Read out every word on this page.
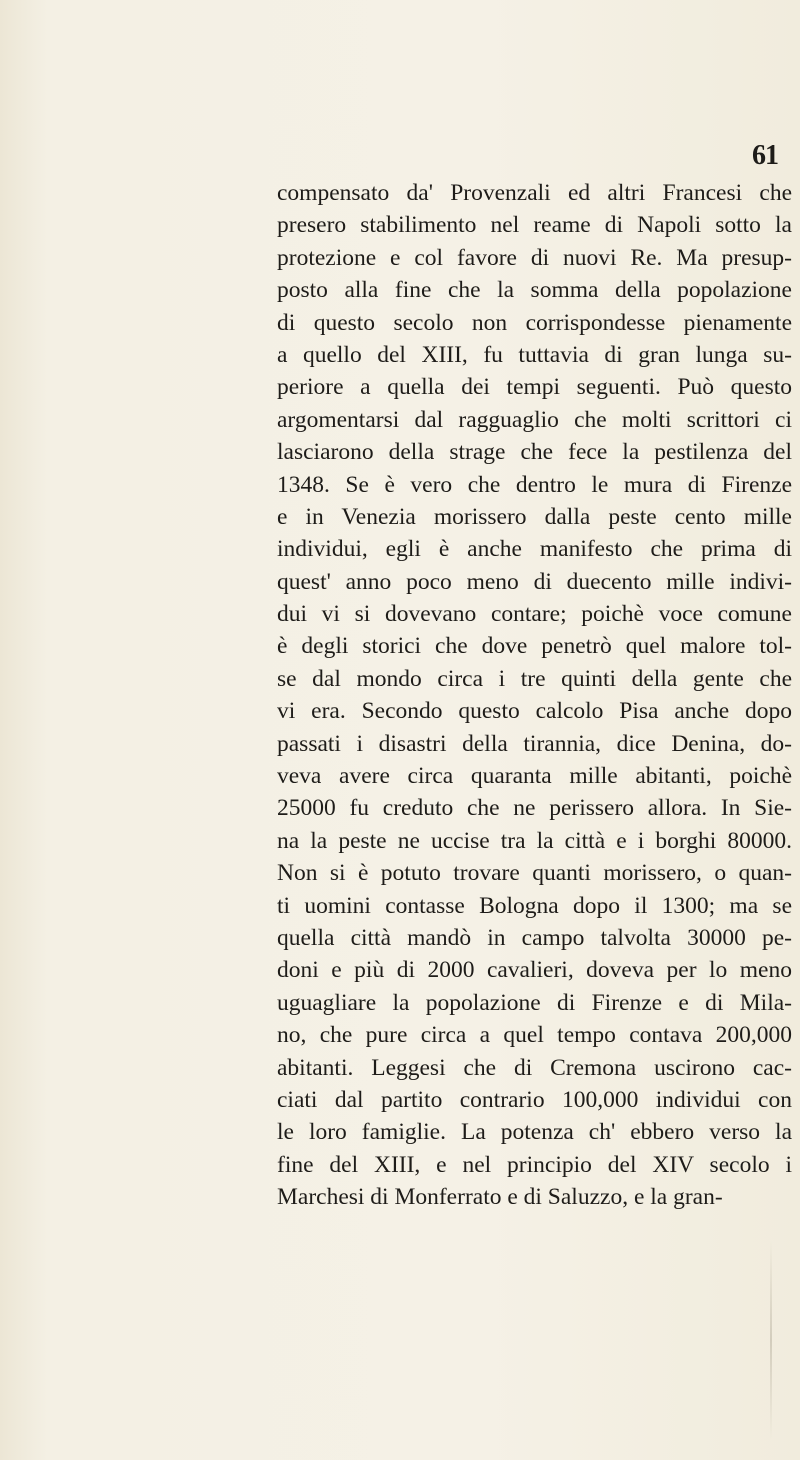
61
compensato da' Provenzali ed altri Francesi che
presero stabilimento nel reame di Napoli sotto la
protezione e col favore di nuovi Re. Ma presup-
posto alla fine che la somma della popolazione
di questo secolo non corrispondesse pienamente
a quello del XIII, fu tuttavia di gran lunga su-
periore a quella dei tempi seguenti. Può questo
argomentarsi dal ragguaglio che molti scrittori ci
lasciarono della strage che fece la pestilenza del
1348. Se è vero che dentro le mura di Firenze
e in Venezia morissero dalla peste cento mille
individui, egli è anche manifesto che prima di
quest' anno poco meno di duecento mille indivi-
dui vi si dovevano contare; poichè voce comune
è degli storici che dove penetrò quel malore tol-
se dal mondo circa i tre quinti della gente che
vi era. Secondo questo calcolo Pisa anche dopo
passati i disastri della tirannia, dice Denina, do-
veva avere circa quaranta mille abitanti, poichè
25000 fu creduto che ne perissero allora. In Sie-
na la peste ne uccise tra la città e i borghi 80000.
Non si è potuto trovare quanti morissero, o quan-
ti uomini contasse Bologna dopo il 1300; ma se
quella città mandò in campo talvolta 30000 pe-
doni e più di 2000 cavalieri, doveva per lo meno
uguagliare la popolazione di Firenze e di Mila-
no, che pure circa a quel tempo contava 200,000
abitanti. Leggesi che di Cremona uscirono cac-
ciati dal partito contrario 100,000 individui con
le loro famiglie. La potenza ch' ebbero verso la
fine del XIII, e nel principio del XIV secolo i
Marchesi di Monferrato e di Saluzzo, e la gran-
